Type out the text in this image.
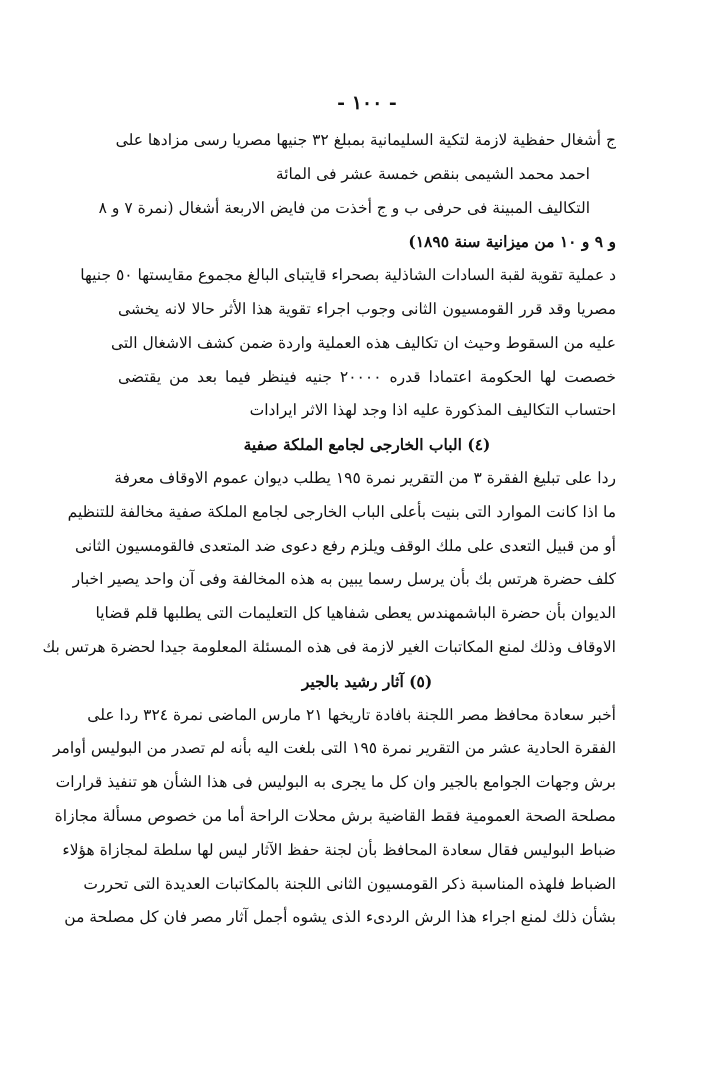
- ١٠٠ -
ج أشغال حفظية لازمة لتكية السليمانية بمبلغ ٣٢ جنيها مصريا رسى مزادها على
احمد محمد الشيمى بنقص خمسة عشر فى المائة
التكاليف المبينة فى حرفى ب و ج أخذت من فايض الاربعة أشغال (نمرة ٧ و ٨
و ٩ و ١٠ من ميزانية سنة ١٨٩٥)
د عملية تقوية لقبة السادات الشاذلية بصحراء قايتباى البالغ مجموع مقايستها ٥٠ جنيها
مصريا وقد قرر القومسيون الثانى وجوب اجراء تقوية هذا الأثر حالا لانه يخشى
عليه من السقوط وحيث ان تكاليف هذه العملية واردة ضمن كشف الاشغال التى
خصصت لها الحكومة اعتمادا قدره ٢٠٠٠٠ جنيه فينظر فيما بعد من يقتضى
احتساب التكاليف المذكورة عليه اذا وجد لهذا الاثر ايرادات
(٤) الباب الخارجى لجامع الملكة صفية
ردا على تبليغ الفقرة ٣ من التقرير نمرة ١٩٥ يطلب ديوان عموم الاوقاف معرفة
ما اذا كانت الموارد التى بنيت بأعلى الباب الخارجى لجامع الملكة صفية مخالفة للتنظيم
أو من قبيل التعدى على ملك الوقف ويلزم رفع دعوى ضد المتعدى فالقومسيون الثانى
كلف حضرة هرتس بك بأن يرسل رسما يبين به هذه المخالفة وفى آن واحد يصير اخبار
الديوان بأن حضرة الباشمهندس يعطى شفاهيا كل التعليمات التى يطلبها قلم قضايا
الاوقاف وذلك لمنع المكاتبات الغير لازمة فى هذه المسئلة المعلومة جيدا لحضرة هرتس بك
(٥) آثار رشيد بالجير
أخبر سعادة محافظ مصر اللجنة بافادة تاريخها ٢١ مارس الماضى نمرة ٣٢٤ ردا على
الفقرة الحادية عشر من التقرير نمرة ١٩٥ التى بلغت اليه بأنه لم تصدر من البوليس أوامر
برش وجهات الجوامع بالجير وان كل ما يجرى به البوليس فى هذا الشأن هو تنفيذ قرارات
مصلحة الصحة العمومية فقط القاضية برش محلات الراحة أما من خصوص مسألة مجازاة
ضباط البوليس فقال سعادة المحافظ بأن لجنة حفظ الآثار ليس لها سلطة لمجازاة هؤلاء
الضباط فلهذه المناسبة ذكر القومسيون الثانى اللجنة بالمكاتبات العديدة التى تحررت
بشأن ذلك لمنع اجراء هذا الرش الردىء الذى يشوه أجمل آثار مصر فان كل مصلحة من
